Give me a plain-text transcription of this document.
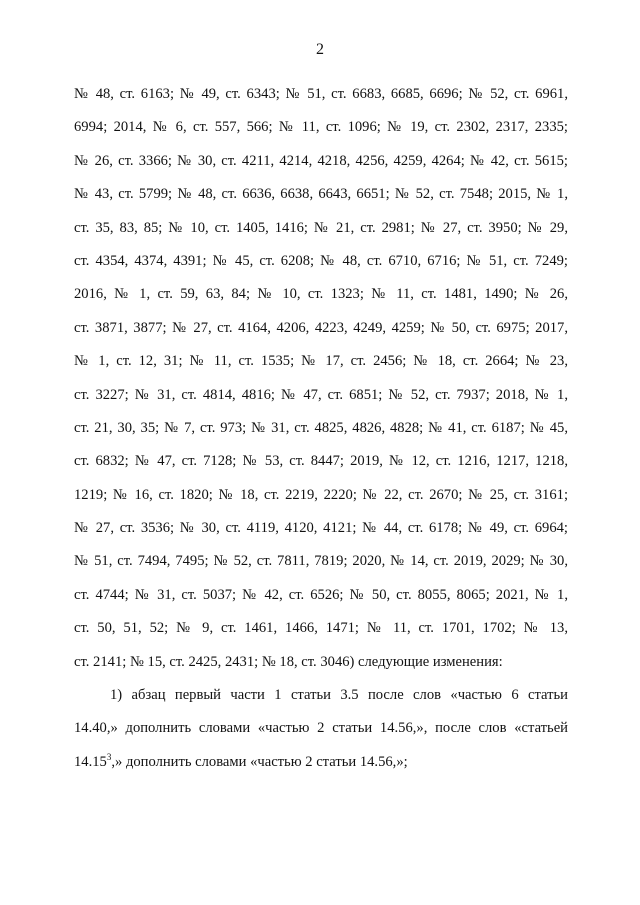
2
№ 48, ст. 6163; № 49, ст. 6343; № 51, ст. 6683, 6685, 6696; № 52, ст. 6961,
6994; 2014, № 6, ст. 557, 566; № 11, ст. 1096; № 19, ст. 2302, 2317, 2335;
№ 26, ст. 3366; № 30, ст. 4211, 4214, 4218, 4256, 4259, 4264; № 42, ст. 5615;
№ 43, ст. 5799; № 48, ст. 6636, 6638, 6643, 6651; № 52, ст. 7548; 2015, № 1,
ст. 35, 83, 85; № 10, ст. 1405, 1416; № 21, ст. 2981; № 27, ст. 3950; № 29,
ст. 4354, 4374, 4391; № 45, ст. 6208; № 48, ст. 6710, 6716; № 51, ст. 7249;
2016, № 1, ст. 59, 63, 84; № 10, ст. 1323; № 11, ст. 1481, 1490; № 26,
ст. 3871, 3877; № 27, ст. 4164, 4206, 4223, 4249, 4259; № 50, ст. 6975; 2017,
№ 1, ст. 12, 31; № 11, ст. 1535; № 17, ст. 2456; № 18, ст. 2664; № 23,
ст. 3227; № 31, ст. 4814, 4816; № 47, ст. 6851; № 52, ст. 7937; 2018, № 1,
ст. 21, 30, 35; № 7, ст. 973; № 31, ст. 4825, 4826, 4828; № 41, ст. 6187; № 45,
ст. 6832; № 47, ст. 7128; № 53, ст. 8447; 2019, № 12, ст. 1216, 1217, 1218,
1219; № 16, ст. 1820; № 18, ст. 2219, 2220; № 22, ст. 2670; № 25, ст. 3161;
№ 27, ст. 3536; № 30, ст. 4119, 4120, 4121; № 44, ст. 6178; № 49, ст. 6964;
№ 51, ст. 7494, 7495; № 52, ст. 7811, 7819; 2020, № 14, ст. 2019, 2029; № 30,
ст. 4744; № 31, ст. 5037; № 42, ст. 6526; № 50, ст. 8055, 8065; 2021, № 1,
ст. 50, 51, 52; № 9, ст. 1461, 1466, 1471; № 11, ст. 1701, 1702; № 13,
ст. 2141; № 15, ст. 2425, 2431; № 18, ст. 3046) следующие изменения:
1) абзац первый части 1 статьи 3.5 после слов «частью 6 статьи
14.40,» дополнить словами «частью 2 статьи 14.56,», после слов «статьей
14.15$^3$,» дополнить словами «частью 2 статьи 14.56,»;
